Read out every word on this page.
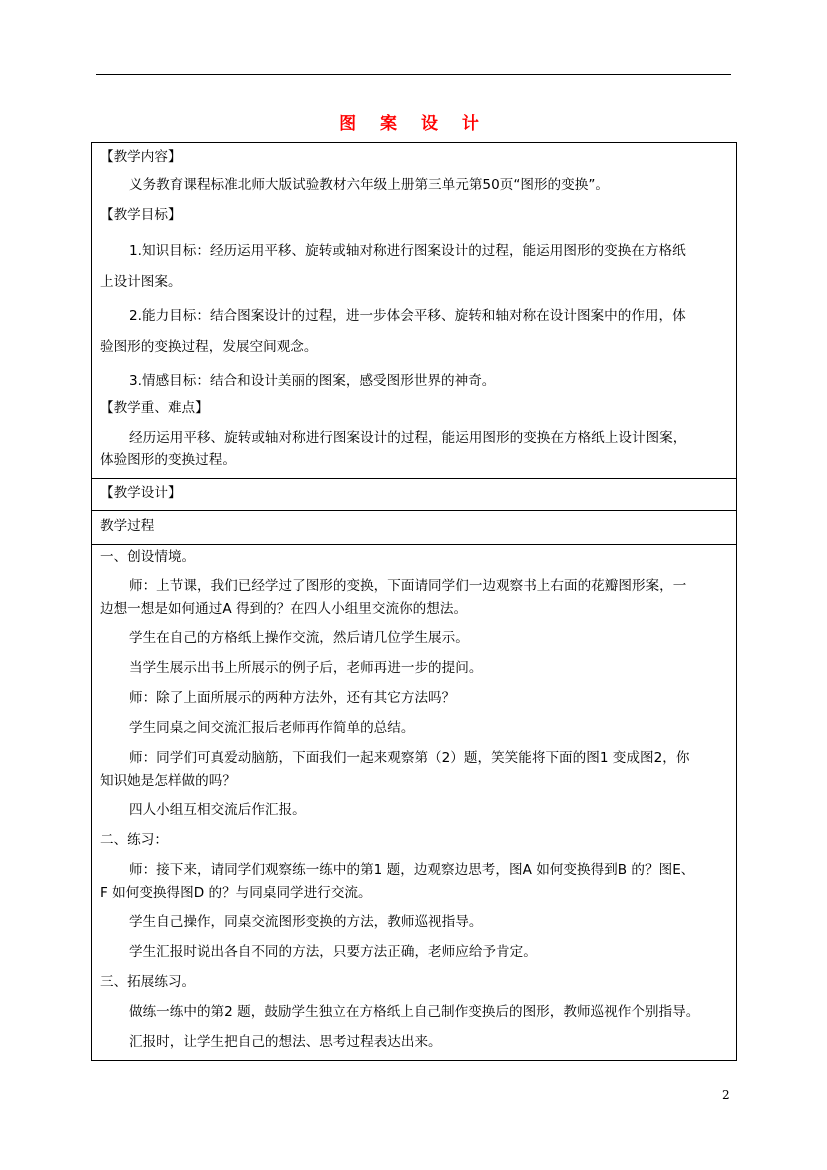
图 案 设 计
【教学内容】
义务教育课程标准北师大版试验教材六年级上册第三单元第50页“图形的变换”。
【教学目标】
1.知识目标：经历运用平移、旋转或轴对称进行图案设计的过程，能运用图形的变换在方格纸
上设计图案。
2.能力目标：结合图案设计的过程，进一步体会平移、旋转和轴对称在设计图案中的作用，体
验图形的变换过程，发展空间观念。
3.情感目标：结合和设计美丽的图案，感受图形世界的神奇。
【教学重、难点】
经历运用平移、旋转或轴对称进行图案设计的过程，能运用图形的变换在方格纸上设计图案，
体验图形的变换过程。
【教学设计】
教学过程
一、创设情境。
师：上节课，我们已经学过了图形的变换，下面请同学们一边观察书上右面的花瓣图形案，一
边想一想是如何通过A 得到的？在四人小组里交流你的想法。
学生在自己的方格纸上操作交流，然后请几位学生展示。
当学生展示出书上所展示的例子后，老师再进一步的提问。
师：除了上面所展示的两种方法外，还有其它方法吗？
学生同桌之间交流汇报后老师再作简单的总结。
师：同学们可真爱动脑筋，下面我们一起来观察第（2）题，笑笑能将下面的图1 变成图2，你
知识她是怎样做的吗？
四人小组互相交流后作汇报。
二、练习：
师：接下来，请同学们观察练一练中的第1 题，边观察边思考，图A 如何变换得到B 的？图E、
F 如何变换得图D 的？与同桌同学进行交流。
学生自己操作，同桌交流图形变换的方法，教师巡视指导。
学生汇报时说出各自不同的方法，只要方法正确，老师应给予肯定。
三、拓展练习。
做练一练中的第2 题，鼓励学生独立在方格纸上自己制作变换后的图形，教师巡视作个别指导。
汇报时，让学生把自己的想法、思考过程表达出来。
2
